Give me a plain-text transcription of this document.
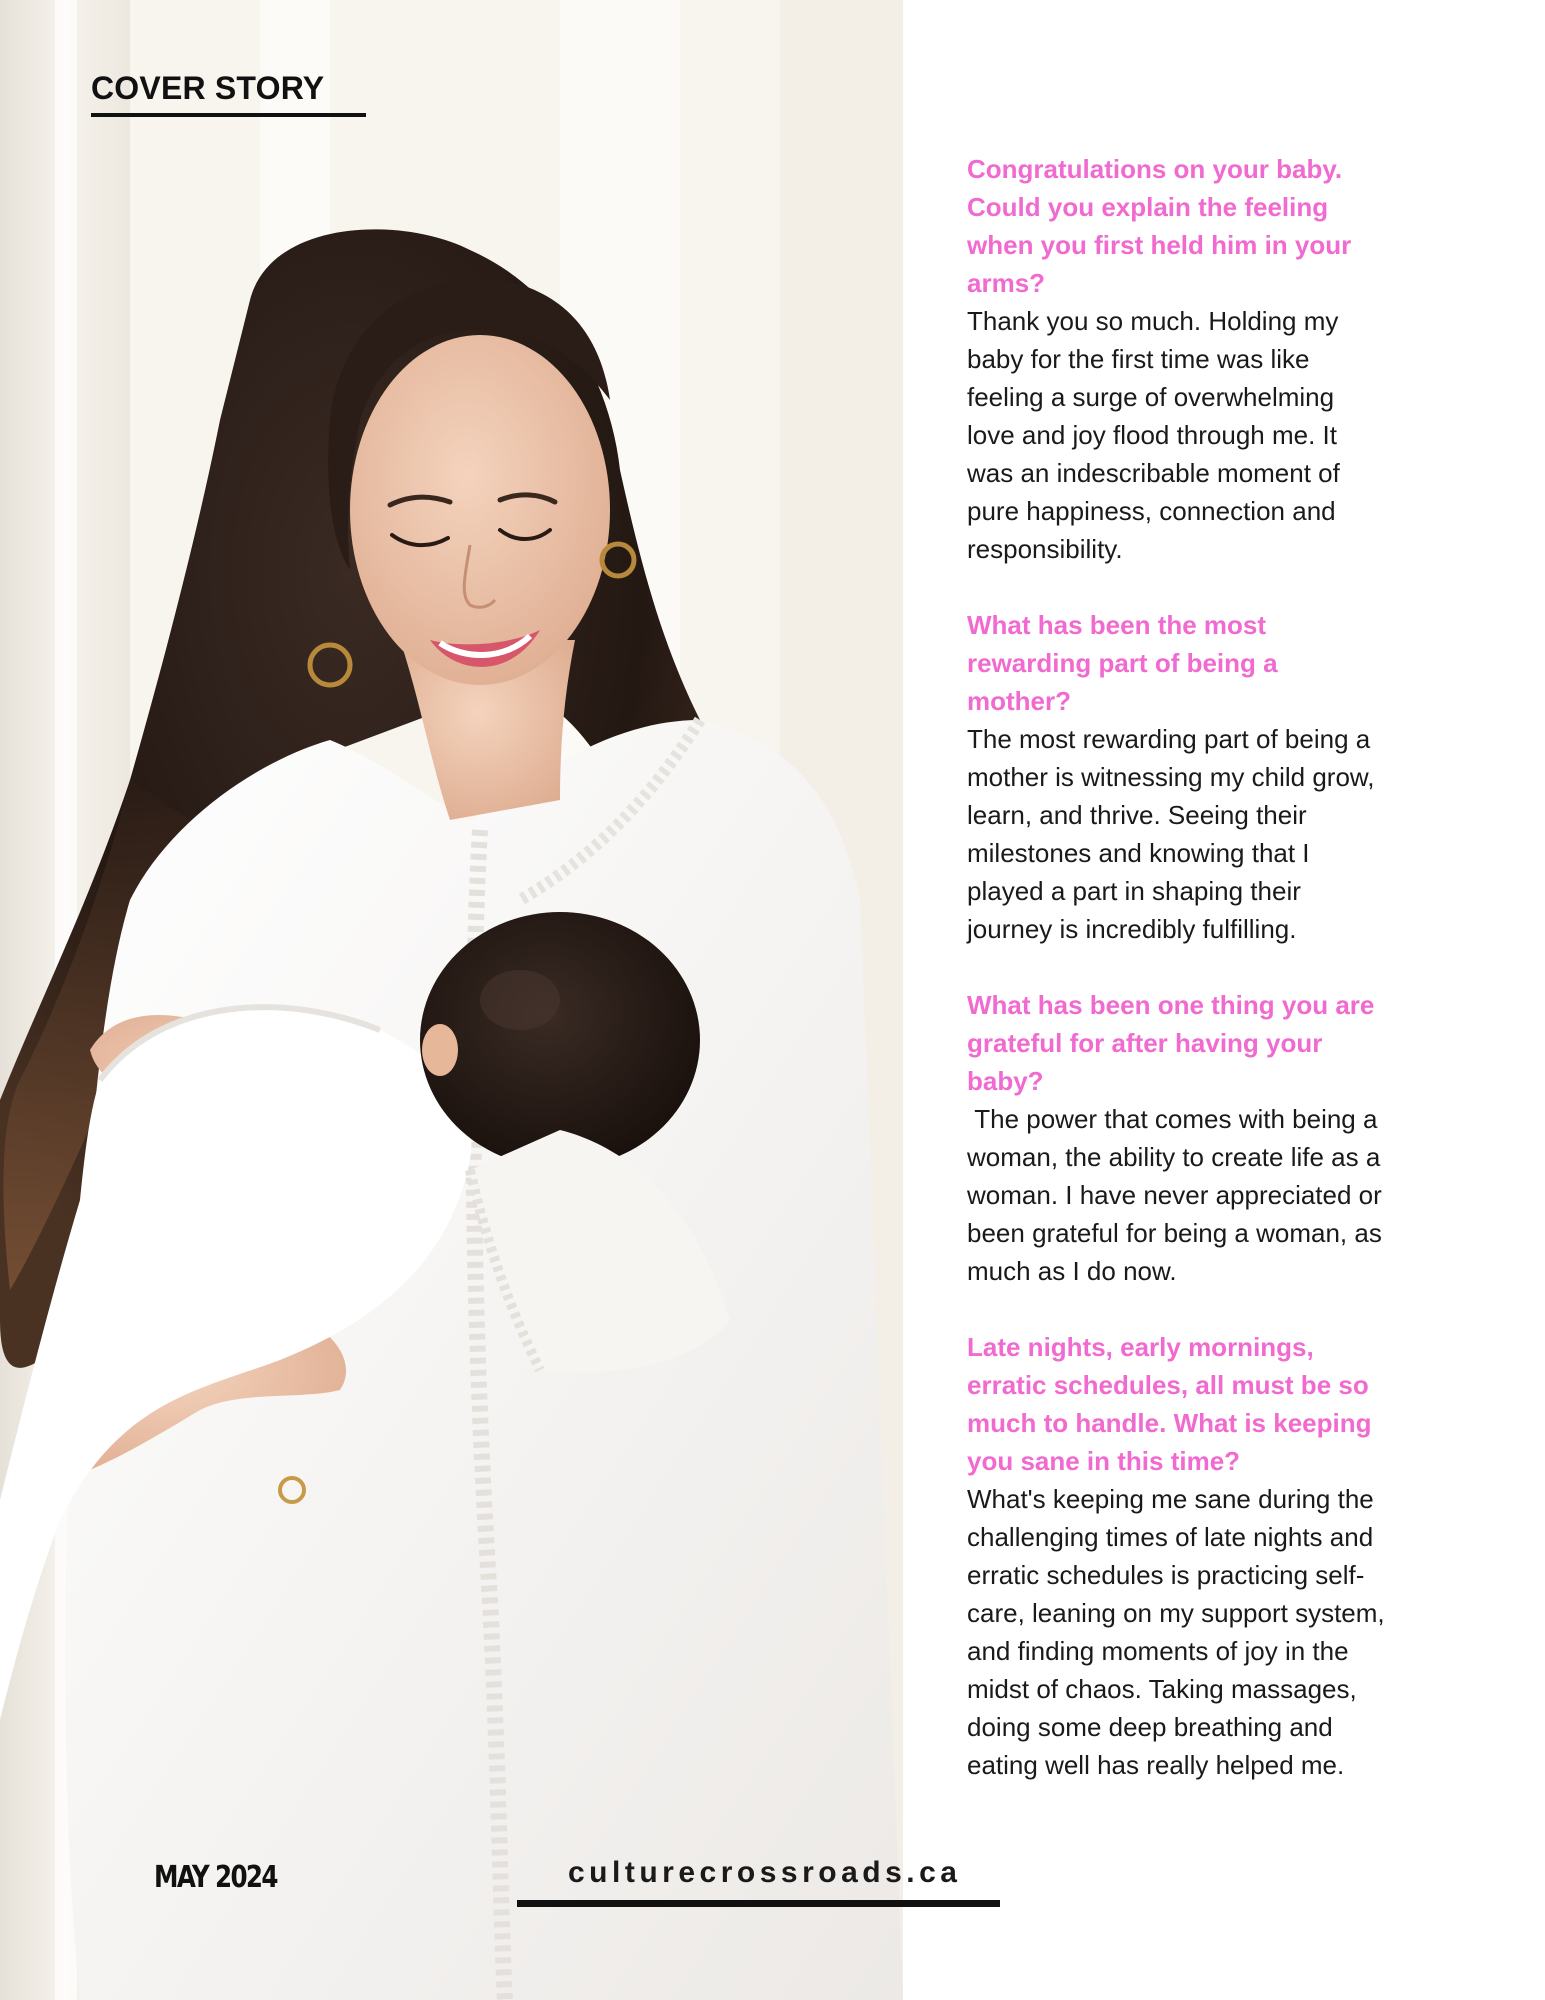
COVER STORY

Congratulations on your baby. Could you explain the feeling when you first held him in your arms?

Thank you so much. Holding my baby for the first time was like feeling a surge of overwhelming love and joy flood through me. It was an indescribable moment of pure happiness, connection and responsibility.

What has been the most rewarding part of being a mother?

The most rewarding part of being a mother is witnessing my child grow, learn, and thrive. Seeing their milestones and knowing that I played a part in shaping their journey is incredibly fulfilling.

What has been one thing you are grateful for after having your baby?

The power that comes with being a woman, the ability to create life as a woman. I have never appreciated or been grateful for being a woman, as much as I do now.

Late nights, early mornings, erratic schedules, all must be so much to handle. What is keeping you sane in this time?

What's keeping me sane during the challenging times of late nights and erratic schedules is practicing self-care, leaning on my support system, and finding moments of joy in the midst of chaos. Taking massages, doing some deep breathing and eating well has really helped me.

MAY 2024	culturecrossroads.ca
